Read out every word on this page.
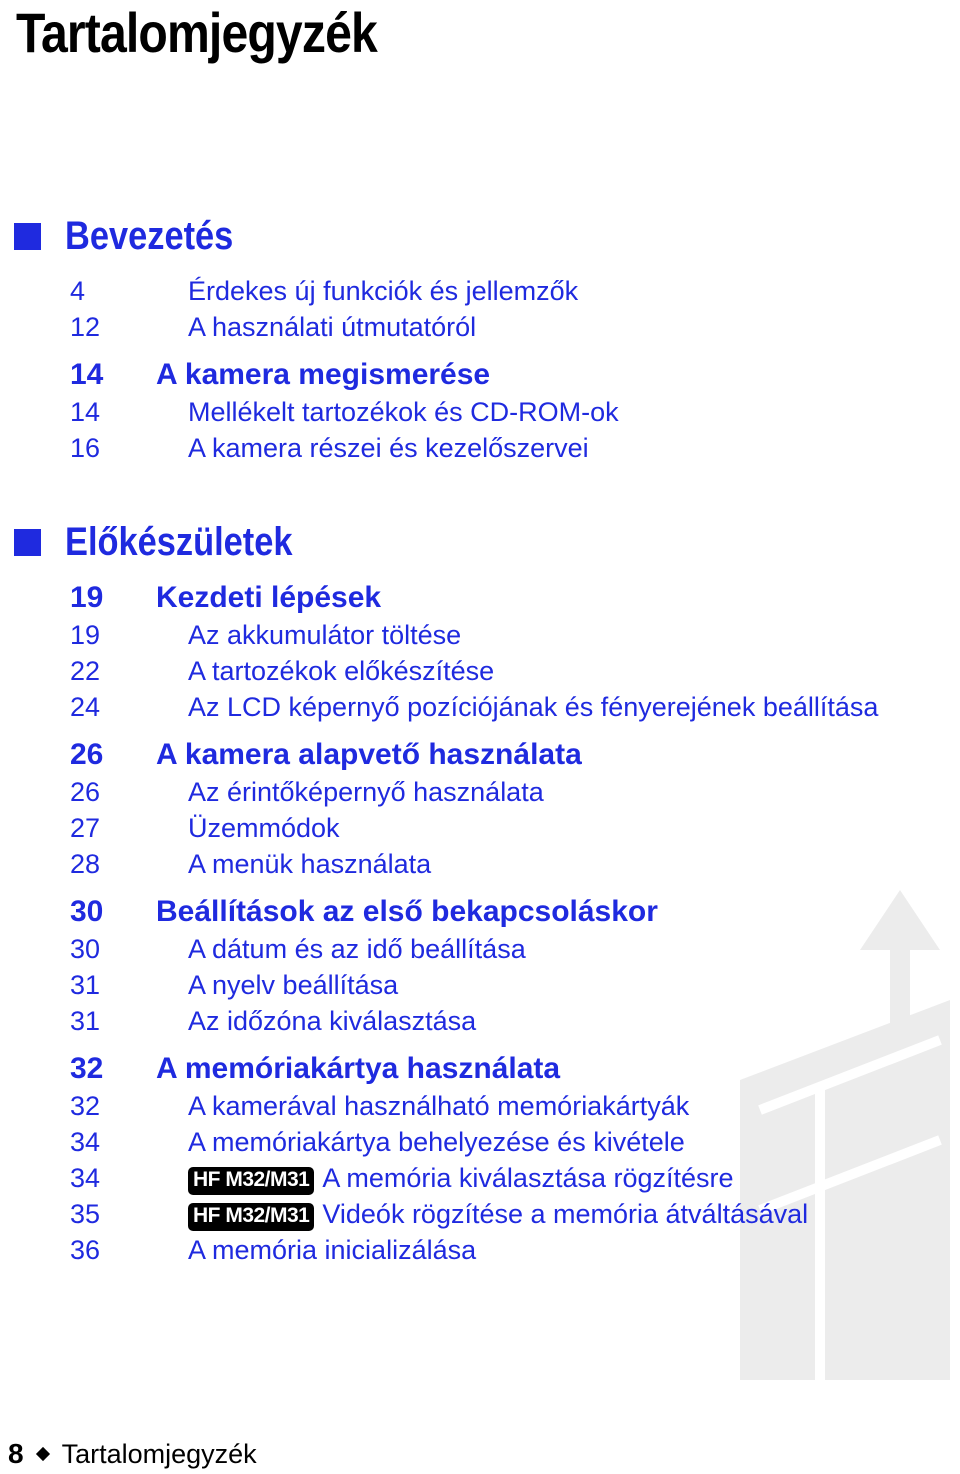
Tartalomjegyzék
Bevezetés
4	Érdekes új funkciók és jellemzők
12	A használati útmutatóról
14 A kamera megismerése
14	Mellékelt tartozékok és CD-ROM-ok
16	A kamera részei és kezelőszervei
Előkészületek
19 Kezdeti lépések
19	Az akkumulátor töltése
22	A tartozékok előkészítése
24	Az LCD képernyő pozíciójának és fényerejének beállítása
26 A kamera alapvető használata
26	Az érintőképernyő használata
27	Üzemmódok
28	A menük használata
30 Beállítások az első bekapcsoláskor
30	A dátum és az idő beállítása
31	A nyelv beállítása
31	Az időzóna kiválasztása
32 A memóriakártya használata
32	A kamerával használható memóriakártyák
34	A memóriakártya behelyezése és kivétele
34	HF M32/M31 A memória kiválasztása rögzítésre
35	HF M32/M31 Videók rögzítése a memória átváltásával
36	A memória inicializálása
8 Tartalomjegyzék
